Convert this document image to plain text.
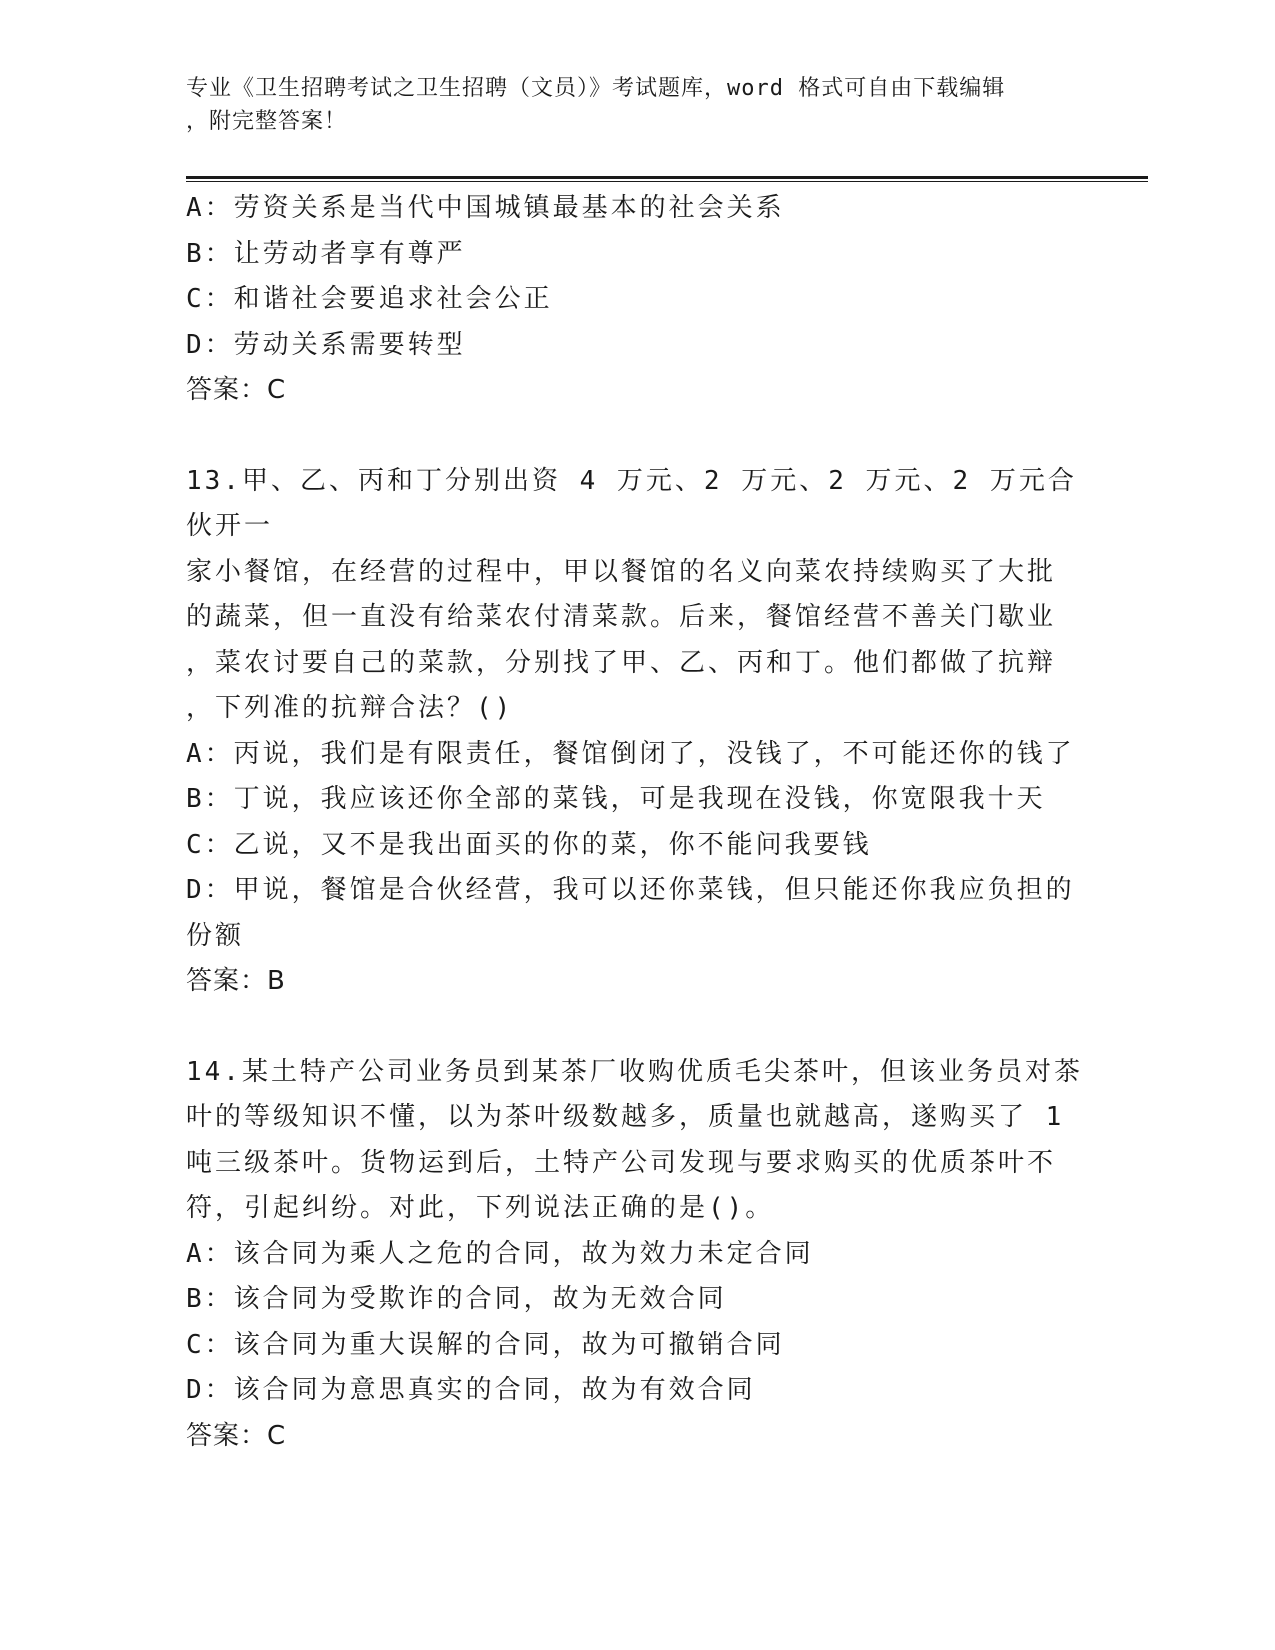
专业《卫生招聘考试之卫生招聘（文员）》考试题库，word 格式可自由下载编辑
，附完整答案！
A：劳资关系是当代中国城镇最基本的社会关系
B：让劳动者享有尊严
C：和谐社会要追求社会公正
D：劳动关系需要转型
答案：C
13.甲、乙、丙和丁分别出资 4 万元、2 万元、2 万元、2 万元合伙开一
家小餐馆，在经营的过程中，甲以餐馆的名义向菜农持续购买了大批
的蔬菜，但一直没有给菜农付清菜款。后来，餐馆经营不善关门歇业
，菜农讨要自己的菜款，分别找了甲、乙、丙和丁。他们都做了抗辩
，下列准的抗辩合法？()
A：丙说，我们是有限责任，餐馆倒闭了，没钱了，不可能还你的钱了
B：丁说，我应该还你全部的菜钱，可是我现在没钱，你宽限我十天
C：乙说，又不是我出面买的你的菜，你不能问我要钱
D：甲说，餐馆是合伙经营，我可以还你菜钱，但只能还你我应负担的
份额
答案：B
14.某土特产公司业务员到某茶厂收购优质毛尖茶叶，但该业务员对茶
叶的等级知识不懂，以为茶叶级数越多，质量也就越高，遂购买了 1
吨三级茶叶。货物运到后，土特产公司发现与要求购买的优质茶叶不
符，引起纠纷。对此，下列说法正确的是()。
A：该合同为乘人之危的合同，故为效力未定合同
B：该合同为受欺诈的合同，故为无效合同
C：该合同为重大误解的合同，故为可撤销合同
D：该合同为意思真实的合同，故为有效合同
答案：C
